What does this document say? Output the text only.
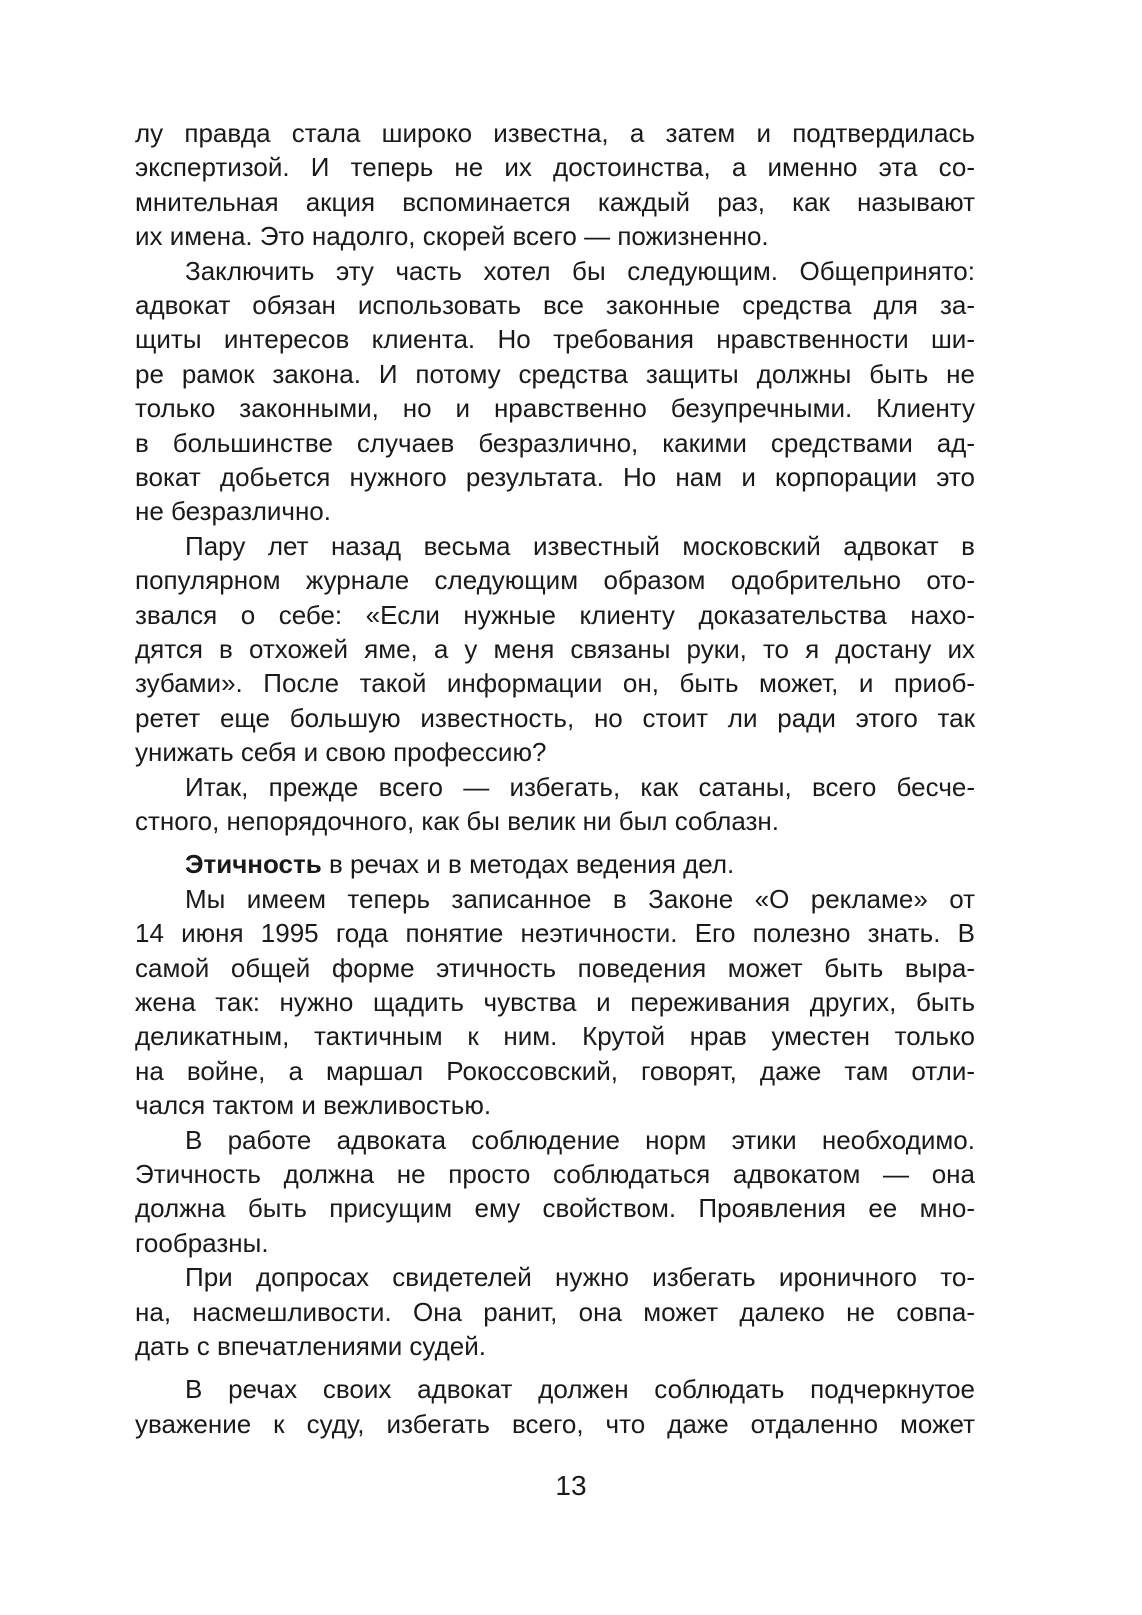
лу правда стала широко известна, а затем и подтвердилась
экспертизой. И теперь не их достоинства, а именно эта со-
мнительная акция вспоминается каждый раз, как называют
их имена. Это надолго, скорей всего — пожизненно.
Заключить эту часть хотел бы следующим. Общепринято:
адвокат обязан использовать все законные средства для за-
щиты интересов клиента. Но требования нравственности ши-
ре рамок закона. И потому средства защиты должны быть не
только законными, но и нравственно безупречными. Клиенту
в большинстве случаев безразлично, какими средствами ад-
вокат добьется нужного результата. Но нам и корпорации это
не безразлично.
Пару лет назад весьма известный московский адвокат в
популярном журнале следующим образом одобрительно ото-
звался о себе: «Если нужные клиенту доказательства нахо-
дятся в отхожей яме, а у меня связаны руки, то я достану их
зубами». После такой информации он, быть может, и приоб-
ретет еще большую известность, но стоит ли ради этого так
унижать себя и свою профессию?
Итак, прежде всего — избегать, как сатаны, всего бесче-
стного, непорядочного, как бы велик ни был соблазн.
Этичность в речах и в методах ведения дел.
Мы имеем теперь записанное в Законе «О рекламе» от
14 июня 1995 года понятие неэтичности. Его полезно знать. В
самой общей форме этичность поведения может быть выра-
жена так: нужно щадить чувства и переживания других, быть
деликатным, тактичным к ним. Крутой нрав уместен только
на войне, а маршал Рокоссовский, говорят, даже там отли-
чался тактом и вежливостью.
В работе адвоката соблюдение норм этики необходимо.
Этичность должна не просто соблюдаться адвокатом — она
должна быть присущим ему свойством. Проявления ее мно-
гообразны.
При допросах свидетелей нужно избегать ироничного то-
на, насмешливости. Она ранит, она может далеко не совпа-
дать с впечатлениями судей.
В речах своих адвокат должен соблюдать подчеркнутое
уважение к суду, избегать всего, что даже отдаленно может
13
